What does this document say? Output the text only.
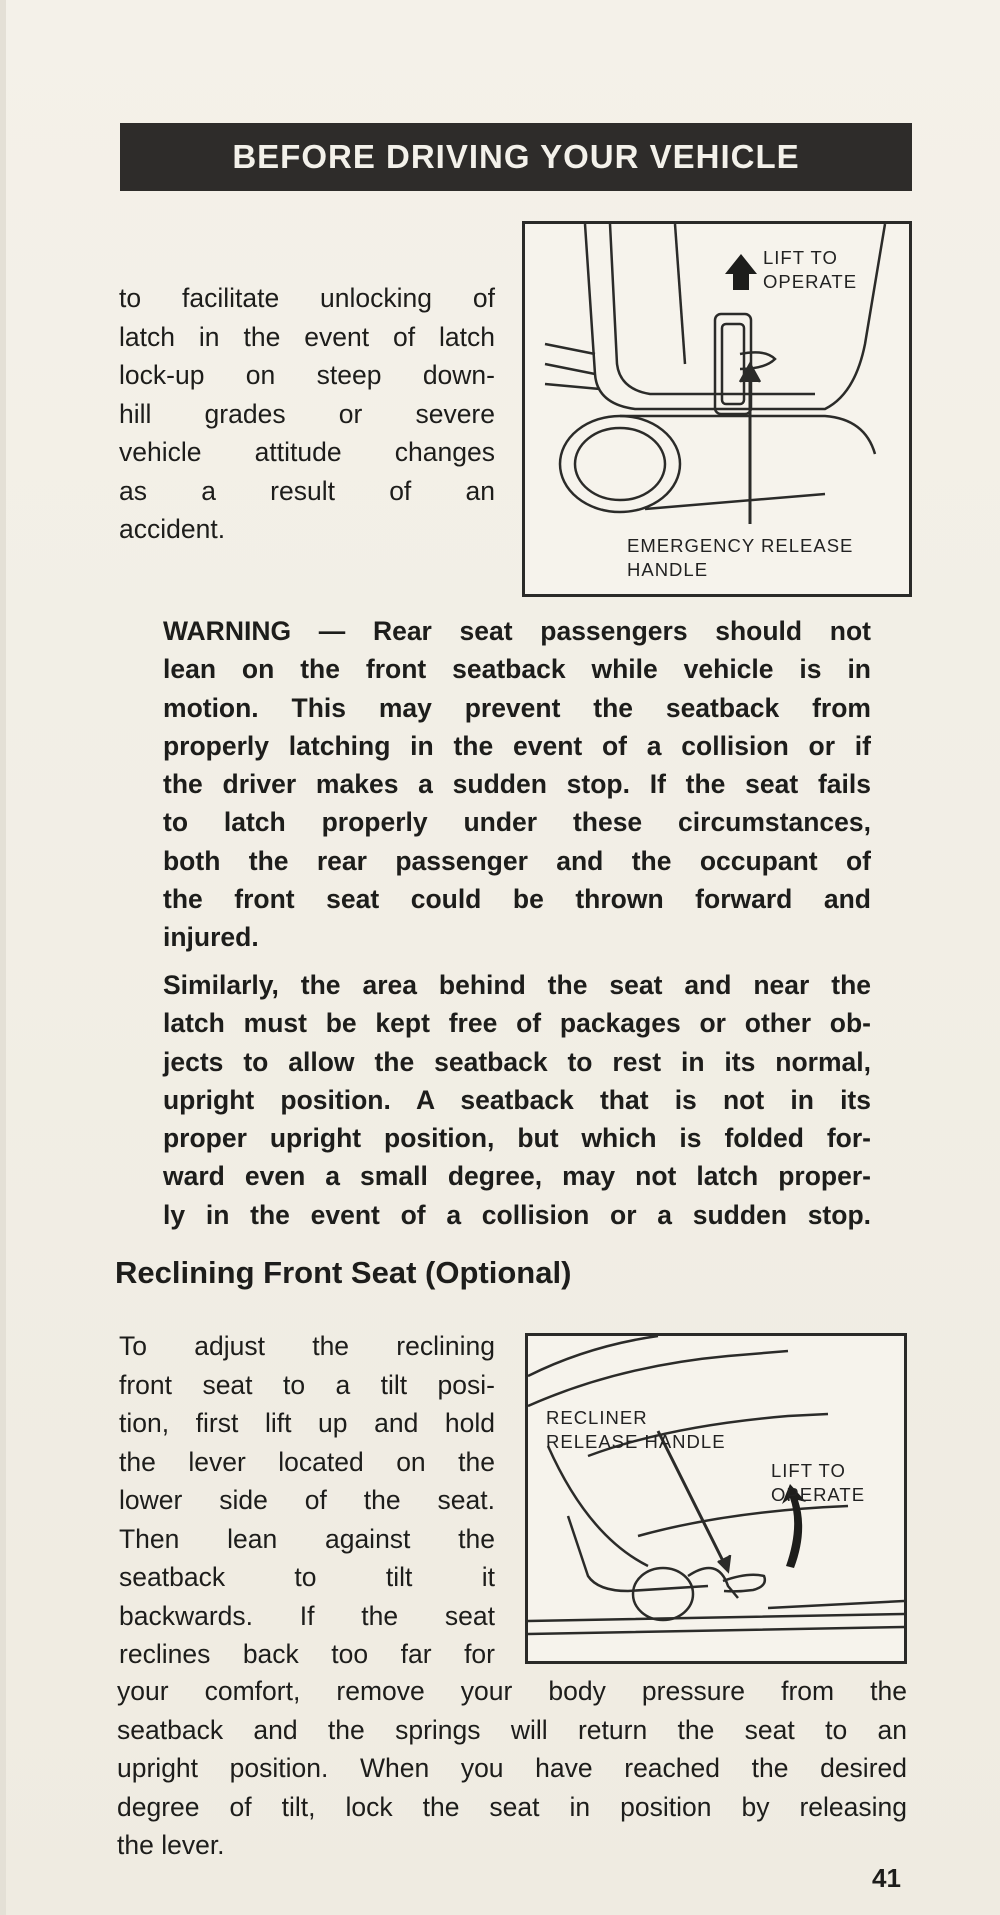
BEFORE DRIVING YOUR VEHICLE
to facilitate unlocking of
latch in the event of latch
lock-up on steep down-
hill grades or severe
vehicle attitude changes
as a result of an
accident.
LIFT TO
OPERATE
EMERGENCY RELEASE
HANDLE
WARNING — Rear seat passengers should not
lean on the front seatback while vehicle is in
motion. This may prevent the seatback from
properly latching in the event of a collision or if
the driver makes a sudden stop. If the seat fails
to latch properly under these circumstances,
both the rear passenger and the occupant of
the front seat could be thrown forward and
injured.
Similarly, the area behind the seat and near the
latch must be kept free of packages or other ob-
jects to allow the seatback to rest in its normal,
upright position. A seatback that is not in its
proper upright position, but which is folded for-
ward even a small degree, may not latch proper-
ly in the event of a collision or a sudden stop.
Reclining Front Seat (Optional)
To adjust the reclining
front seat to a tilt posi-
tion, first lift up and hold
the lever located on the
lower side of the seat.
Then lean against the
seatback to tilt it
backwards. If the seat
reclines back too far for
RECLINER
RELEASE HANDLE
LIFT TO
OPERATE
your comfort, remove your body pressure from the
seatback and the springs will return the seat to an
upright position. When you have reached the desired
degree of tilt, lock the seat in position by releasing
the lever.
41
